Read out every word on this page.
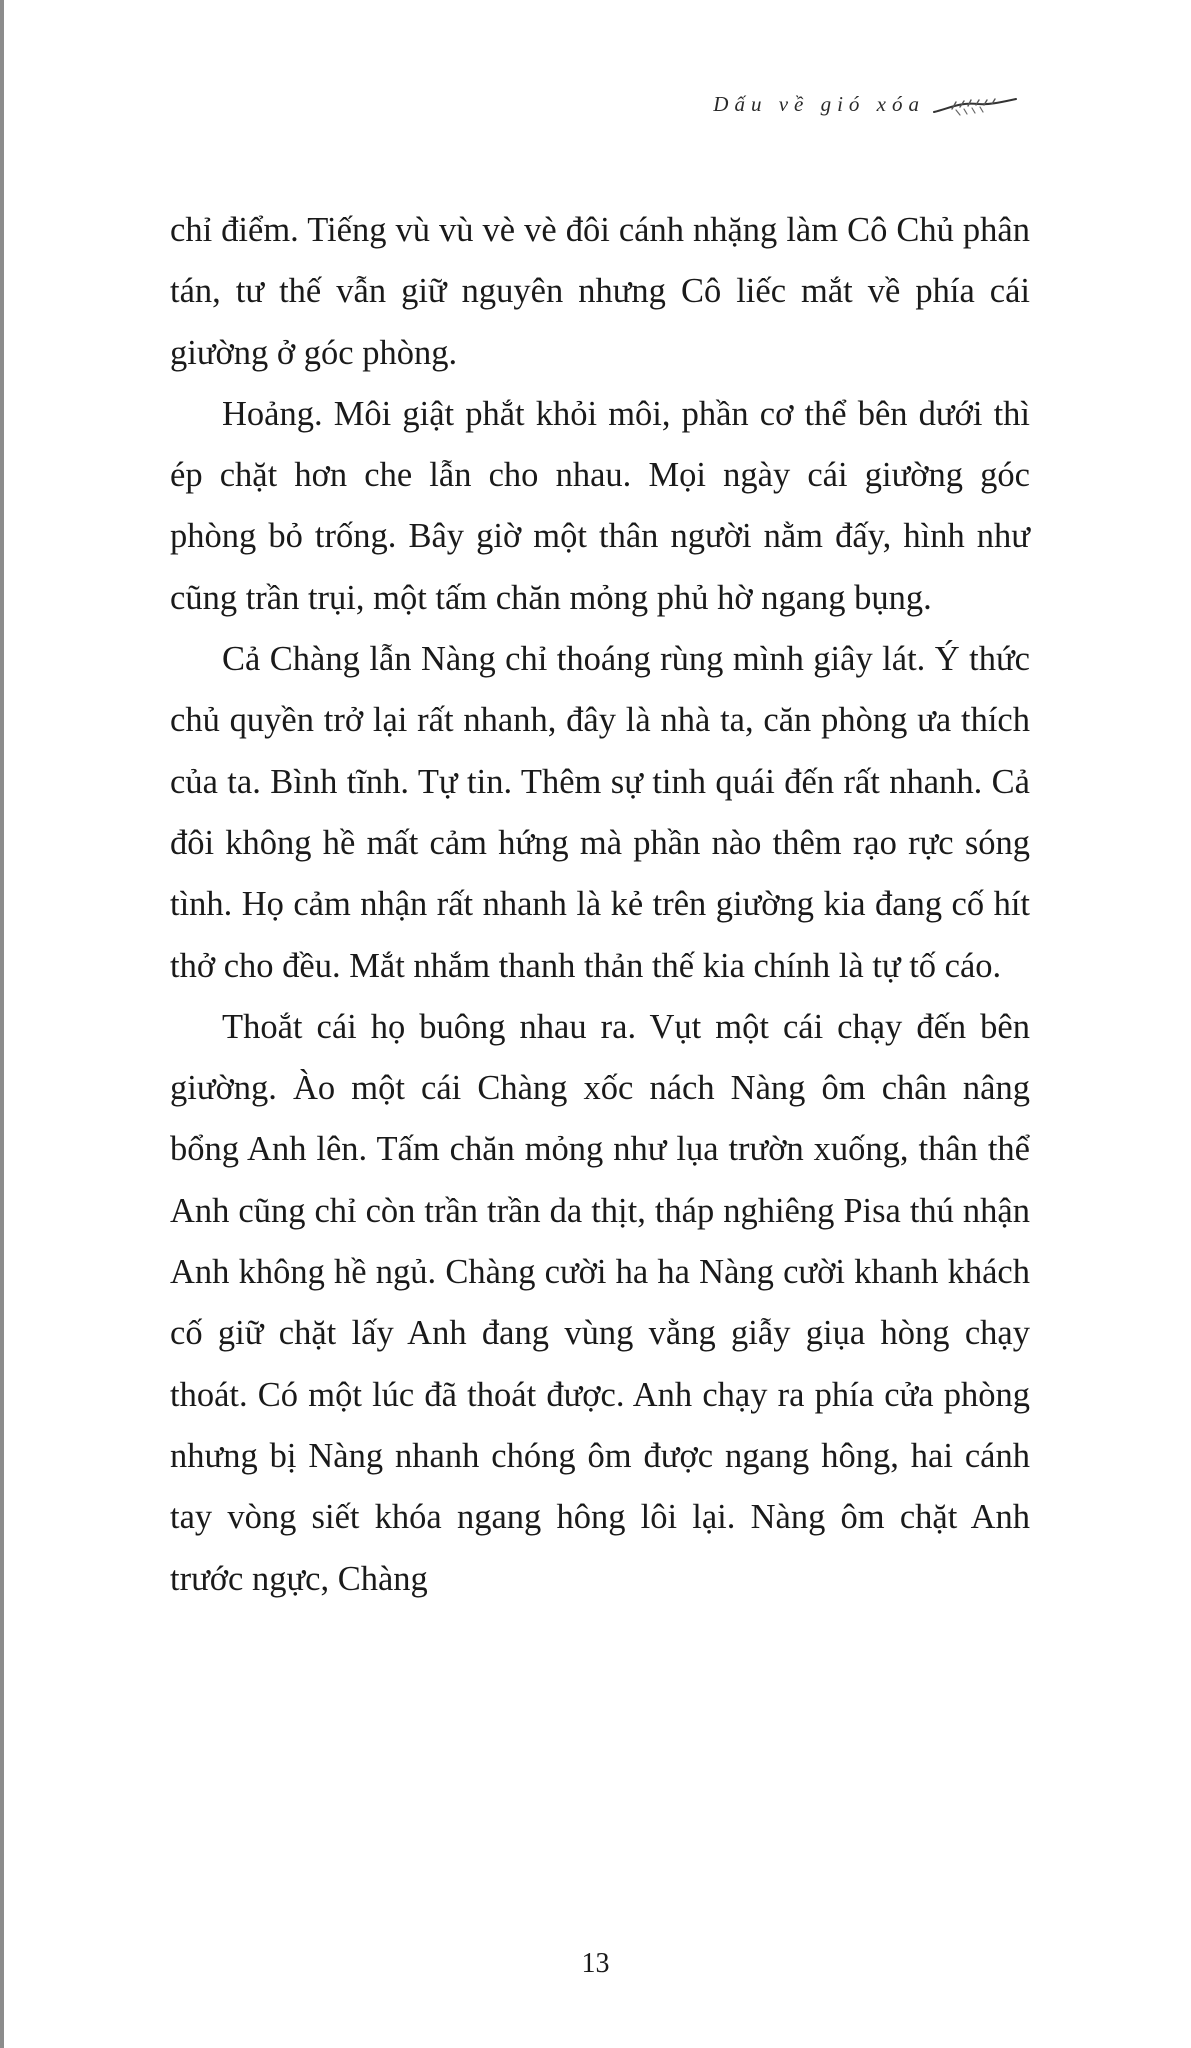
Dấu về gió xóa

chỉ điểm. Tiếng vù vù vè vè đôi cánh nhặng làm Cô Chủ phân tán, tư thế vẫn giữ nguyên nhưng Cô liếc mắt về phía cái giường ở góc phòng.

Hoảng. Môi giật phắt khỏi môi, phần cơ thể bên dưới thì ép chặt hơn che lẫn cho nhau. Mọi ngày cái giường góc phòng bỏ trống. Bây giờ một thân người nằm đấy, hình như cũng trần trụi, một tấm chăn mỏng phủ hờ ngang bụng.

Cả Chàng lẫn Nàng chỉ thoáng rùng mình giây lát. Ý thức chủ quyền trở lại rất nhanh, đây là nhà ta, căn phòng ưa thích của ta. Bình tĩnh. Tự tin. Thêm sự tinh quái đến rất nhanh. Cả đôi không hề mất cảm hứng mà phần nào thêm rạo rực sóng tình. Họ cảm nhận rất nhanh là kẻ trên giường kia đang cố hít thở cho đều. Mắt nhắm thanh thản thế kia chính là tự tố cáo.

Thoắt cái họ buông nhau ra. Vụt một cái chạy đến bên giường. Ào một cái Chàng xốc nách Nàng ôm chân nâng bổng Anh lên. Tấm chăn mỏng như lụa trườn xuống, thân thể Anh cũng chỉ còn trần trần da thịt, tháp nghiêng Pisa thú nhận Anh không hề ngủ. Chàng cười ha ha Nàng cười khanh khách cố giữ chặt lấy Anh đang vùng vằng giẫy giụa hòng chạy thoát. Có một lúc đã thoát được. Anh chạy ra phía cửa phòng nhưng bị Nàng nhanh chóng ôm được ngang hông, hai cánh tay vòng siết khóa ngang hông lôi lại. Nàng ôm chặt Anh trước ngực, Chàng

13
